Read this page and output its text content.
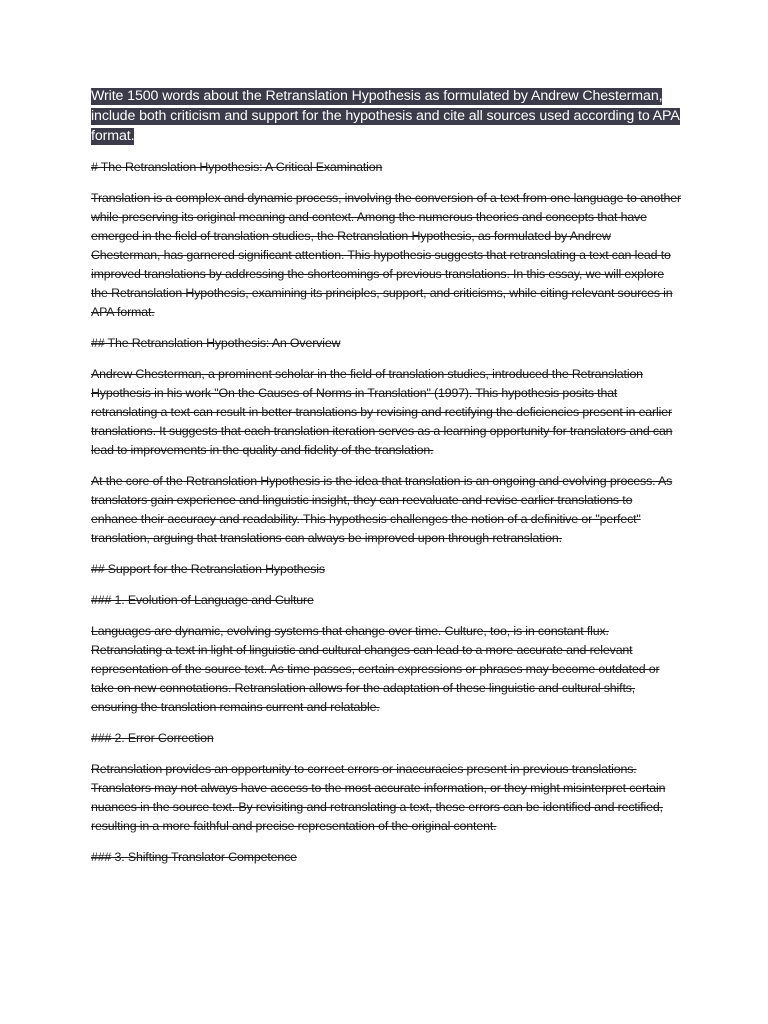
Write 1500 words about the Retranslation Hypothesis as formulated by Andrew Chesterman, include both criticism and support for the hypothesis and cite all sources used according to APA format.

# The Retranslation Hypothesis: A Critical Examination

Translation is a complex and dynamic process, involving the conversion of a text from one language to another while preserving its original meaning and context. Among the numerous theories and concepts that have emerged in the field of translation studies, the Retranslation Hypothesis, as formulated by Andrew Chesterman, has garnered significant attention. This hypothesis suggests that retranslating a text can lead to improved translations by addressing the shortcomings of previous translations. In this essay, we will explore the Retranslation Hypothesis, examining its principles, support, and criticisms, while citing relevant sources in APA format.

## The Retranslation Hypothesis: An Overview

Andrew Chesterman, a prominent scholar in the field of translation studies, introduced the Retranslation Hypothesis in his work "On the Causes of Norms in Translation" (1997). This hypothesis posits that retranslating a text can result in better translations by revising and rectifying the deficiencies present in earlier translations. It suggests that each translation iteration serves as a learning opportunity for translators and can lead to improvements in the quality and fidelity of the translation.

At the core of the Retranslation Hypothesis is the idea that translation is an ongoing and evolving process. As translators gain experience and linguistic insight, they can reevaluate and revise earlier translations to enhance their accuracy and readability. This hypothesis challenges the notion of a definitive or "perfect" translation, arguing that translations can always be improved upon through retranslation.

## Support for the Retranslation Hypothesis

### 1. Evolution of Language and Culture

Languages are dynamic, evolving systems that change over time. Culture, too, is in constant flux. Retranslating a text in light of linguistic and cultural changes can lead to a more accurate and relevant representation of the source text. As time passes, certain expressions or phrases may become outdated or take on new connotations. Retranslation allows for the adaptation of these linguistic and cultural shifts, ensuring the translation remains current and relatable.

### 2. Error Correction

Retranslation provides an opportunity to correct errors or inaccuracies present in previous translations. Translators may not always have access to the most accurate information, or they might misinterpret certain nuances in the source text. By revisiting and retranslating a text, these errors can be identified and rectified, resulting in a more faithful and precise representation of the original content.

### 3. Shifting Translator Competence
